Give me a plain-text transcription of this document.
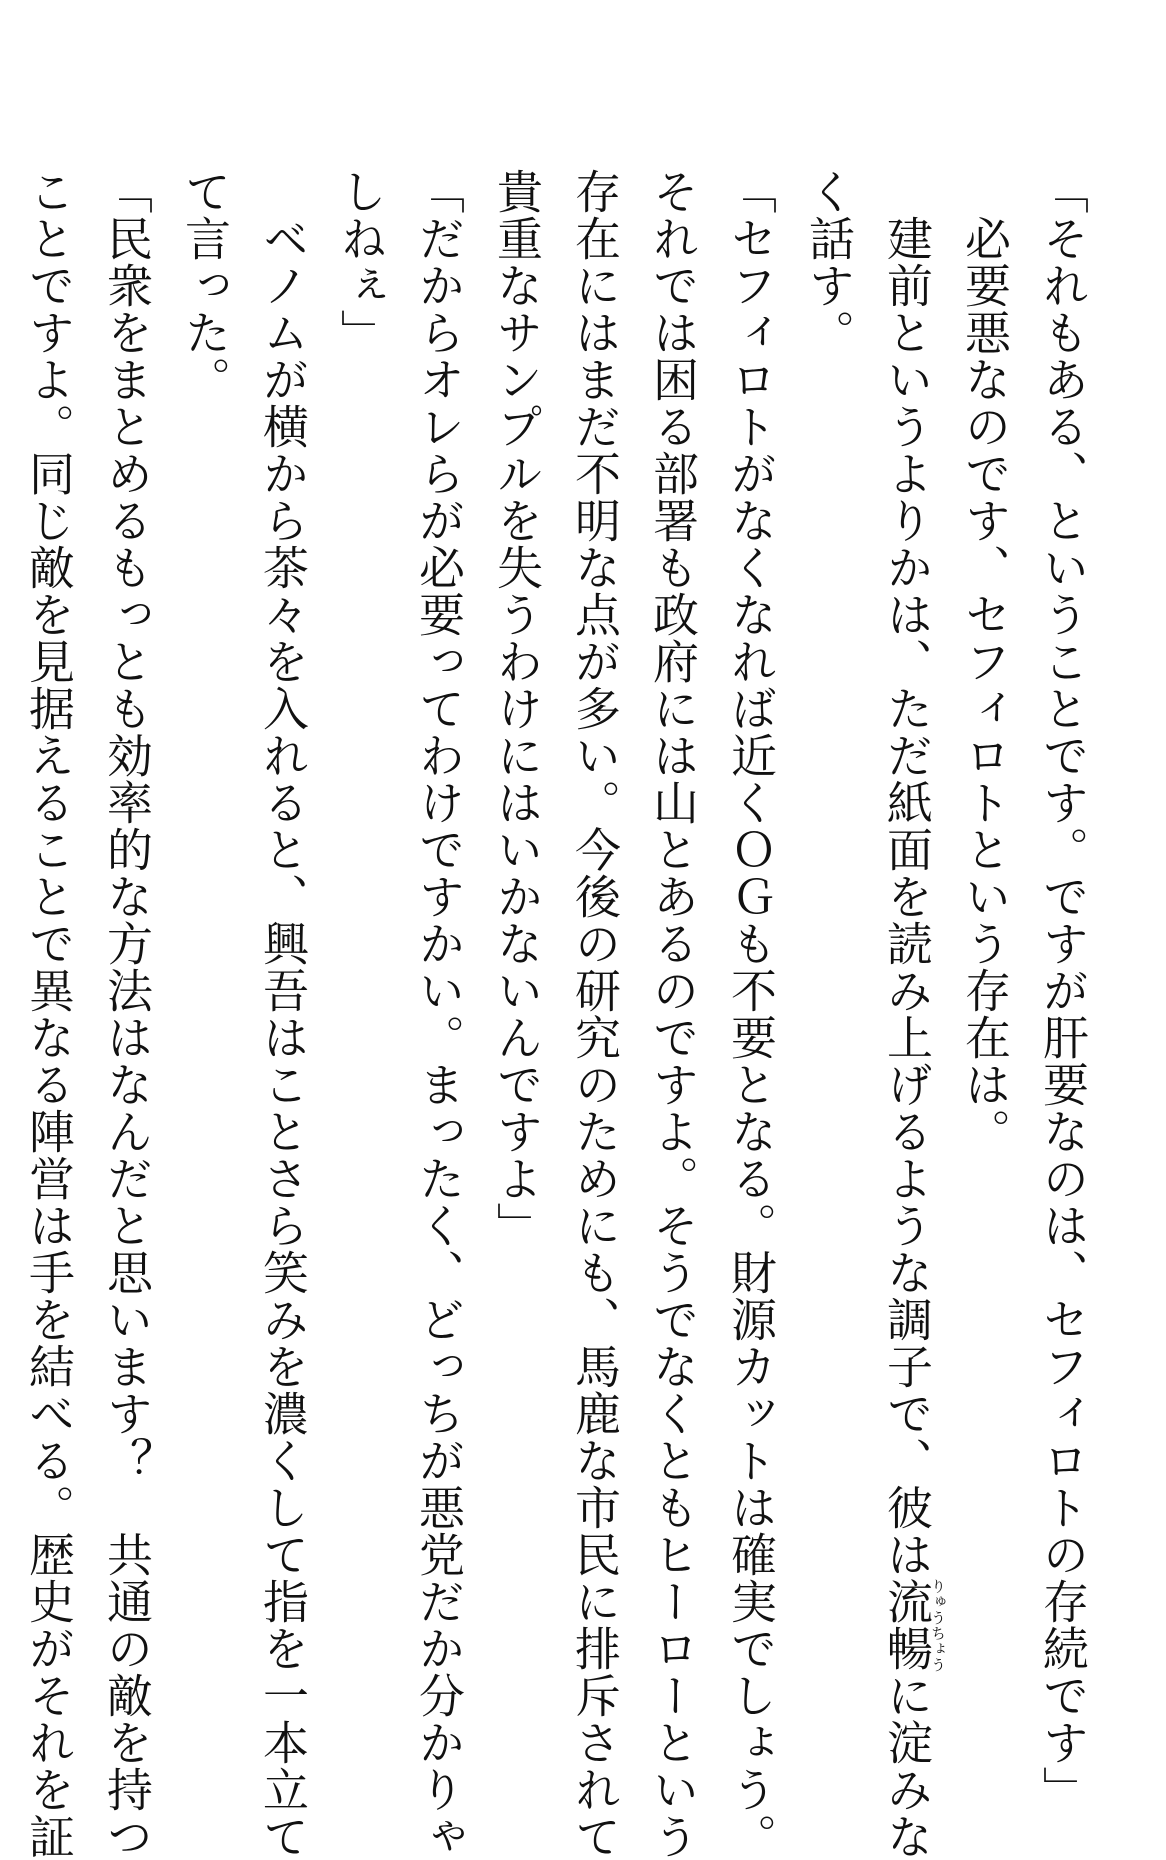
「それもある、ということです。ですが肝要なのは、セフィロトの存続です」
　必要悪なのです、セフィロトという存在は。
　建前というよりかは、ただ紙面を読み上げるような調子で、彼は流暢りゅうちょうに淀みな
く話す。
「セフィロトがなくなれば近くＯＧも不要となる。財源カットは確実でしょう。
それでは困る部署も政府には山とあるのですよ。そうでなくともヒーローという
存在にはまだ不明な点が多い。今後の研究のためにも、馬鹿な市民に排斥されて
貴重なサンプルを失うわけにはいかないんですよ」
「だからオレらが必要ってわけですかい。まったく、どっちが悪党だか分かりゃ
しねぇ」
　ベノムが横から茶々を入れると、興吾はことさら笑みを濃くして指を一本立て
て言った。
「民衆をまとめるもっとも効率的な方法はなんだと思います？　共通の敵を持つ
ことですよ。同じ敵を見据えることで異なる陣営は手を結べる。歴史がそれを証
